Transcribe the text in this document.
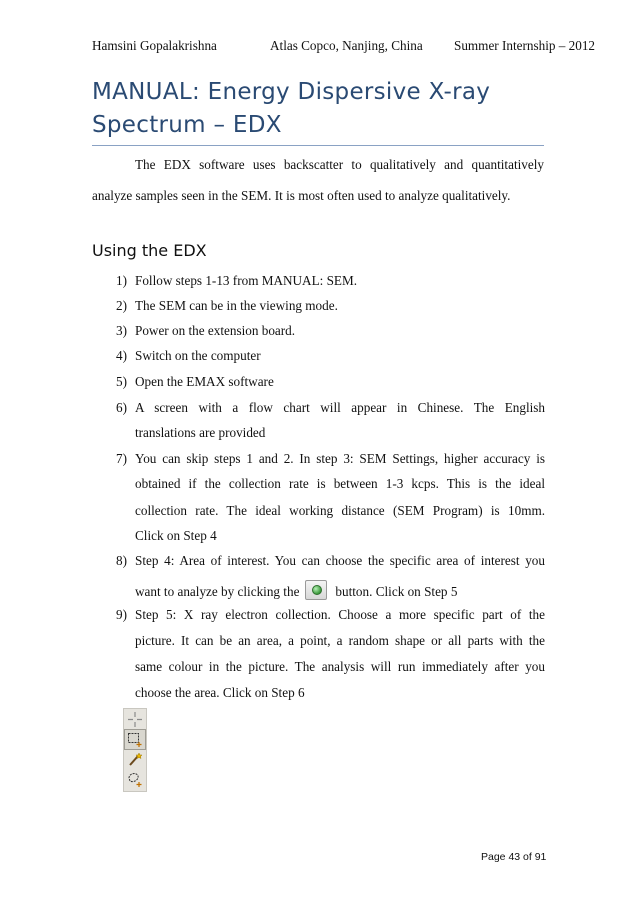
Hamsini Gopalakrishna	Atlas Copco, Nanjing, China Summer Internship – 2012
MANUAL: Energy Dispersive X-ray
Spectrum – EDX
The EDX software uses backscatter to qualitatively and quantitatively
analyze samples seen in the SEM. It is most often used to analyze qualitatively.
Using the EDX
1) Follow steps 1-13 from MANUAL: SEM.
2) The SEM can be in the viewing mode.
3) Power on the extension board.
4) Switch on the computer
5) Open the EMAX software
6) A screen with a flow chart will appear in Chinese. The English
translations are provided
7) You can skip steps 1 and 2. In step 3: SEM Settings, higher accuracy is
obtained if the collection rate is between 1-3 kcps. This is the ideal
collection rate. The ideal working distance (SEM Program) is 10mm.
Click on Step 4
8) Step 4: Area of interest. You can choose the specific area of interest you
want to analyze by clicking the	button. Click on Step 5
9) Step 5: X ray electron collection. Choose a more specific part of the
picture. It can be an area, a point, a random shape or all parts with the
same colour in the picture. The analysis will run immediately after you
choose the area. Click on Step 6
Page 43 of 91
